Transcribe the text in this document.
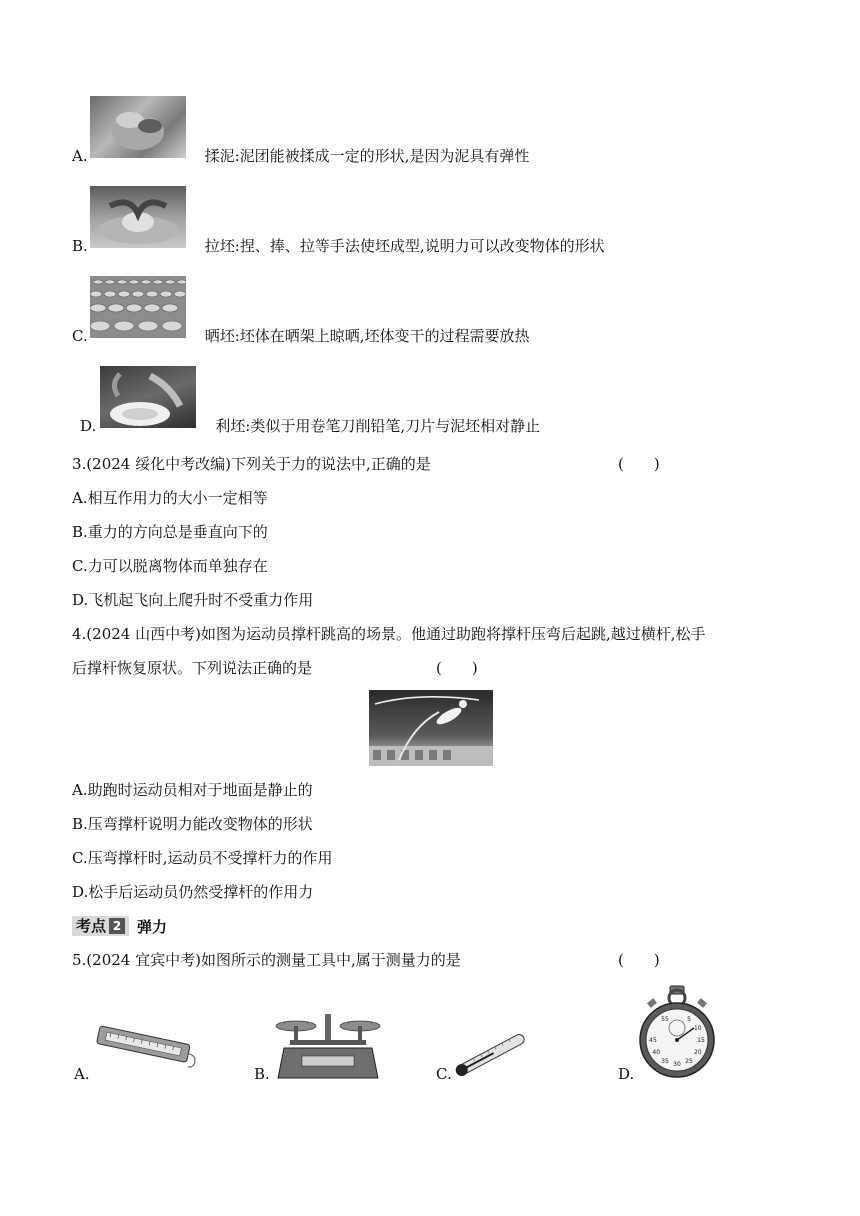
A.	揉泥:泥团能被揉成一定的形状,是因为泥具有弹性
B.	拉坯:捏、捧、拉等手法使坯成型,说明力可以改变物体的形状
C.	晒坯:坯体在晒架上晾晒,坯体变干的过程需要放热
D.	利坯:类似于用卷笔刀削铅笔,刀片与泥坯相对静止
3.(2024 绥化中考改编)下列关于力的说法中,正确的是	(　　)
A.相互作用力的大小一定相等
B.重力的方向总是垂直向下的
C.力可以脱离物体而单独存在
D.飞机起飞向上爬升时不受重力作用
4.(2024 山西中考)如图为运动员撑杆跳高的场景。他通过助跑将撑杆压弯后起跳,越过横杆,松手
后撑杆恢复原状。下列说法正确的是	(　　)
A.助跑时运动员相对于地面是静止的
B.压弯撑杆说明力能改变物体的形状
C.压弯撑杆时,运动员不受撑杆力的作用
D.松手后运动员仍然受撑杆的作用力
考点 2 弹力
5.(2024 宜宾中考)如图所示的测量工具中,属于测量力的是	(　　)
A.	B.	C.
55	5
10
45	15
40	20
35 30 25
D.
